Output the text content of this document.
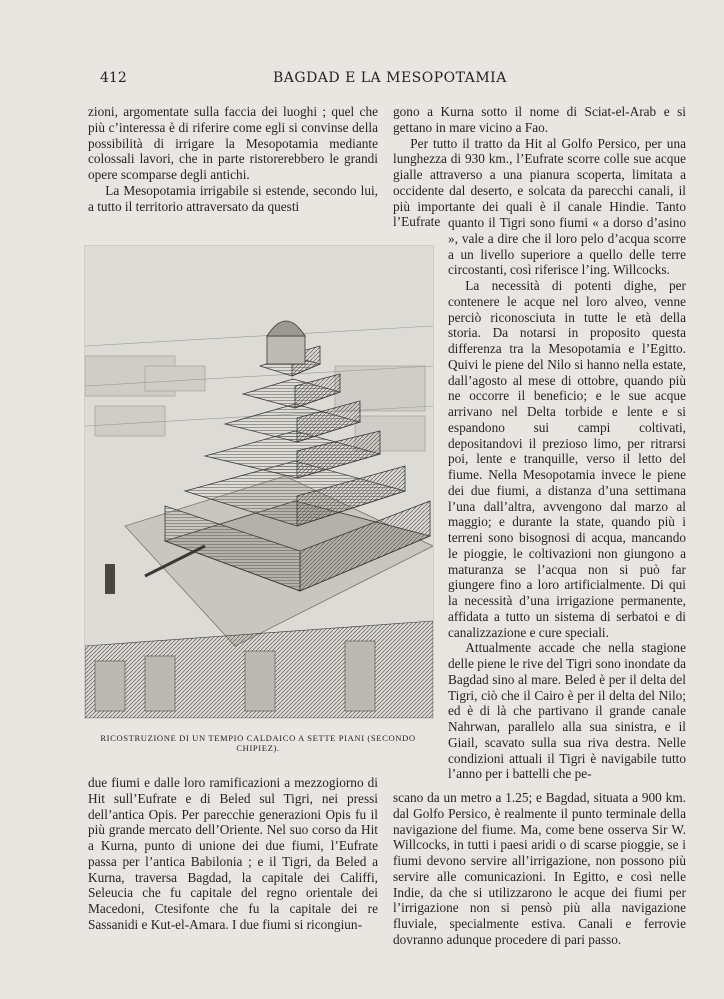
412	BAGDAD E LA MESOPOTAMIA

zioni, argomentate sulla faccia dei luoghi ; quel che più c’interessa è di riferire come egli si convinse della possibilità di irrigare la Mesopotamia mediante colossali lavori, che in parte ristorerebbero le grandi opere scomparse degli antichi.

La Mesopotamia irrigabile si estende, secondo lui, a tutto il territorio attraversato da questi

gono a Kurna sotto il nome di Sciat-el-Arab e si gettano in mare vicino a Fao.

Per tutto il tratto da Hit al Golfo Persico, per una lunghezza di 930 km., l’Eufrate scorre colle sue acque gialle attraverso a una pianura scoperta, limitata a occidente dal deserto, e solcata da parecchi canali, il più importante dei quali è il canale Hindie. Tanto l’Eufrate quanto il Tigri sono fiumi « a dorso d’asino », vale a dire che il loro pelo d’acqua scorre a un livello superiore a quello delle terre circostanti, così riferisce l’ing. Willcocks.

La necessità di potenti dighe, per contenere le acque nel loro alveo, venne perciò riconosciuta in tutte le età della storia. Da notarsi in proposito questa differenza tra la Mesopotamia e l’Egitto. Quivi le piene del Nilo si hanno nella estate, dall’agosto al mese di ottobre, quando più ne occorre il beneficio; e le sue acque arrivano nel Delta torbide e lente e si espandono sui campi coltivati, depositandovi il prezioso limo, per ritrarsi poi, lente e tranquille, verso il letto del fiume. Nella Mesopotamia invece le piene dei due fiumi, a distanza d’una settimana l’una dall’altra, avvengono dal marzo al maggio; e durante la state, quando più i terreni sono bisognosi di acqua, mancando le pioggie, le coltivazioni non giungono a maturanza se l’acqua non si può far giungere fino a loro artificialmente. Di qui la necessità d’una irrigazione permanente, affidata a tutto un sistema di serbatoi e di canalizzazione e cure speciali.

Attualmente accade che nella stagione delle piene le rive del Tigri sono inondate da Bagdad sino al mare. Beled è per il delta del Tigri, ciò che il Cairo è per il delta del Nilo; ed è di là che partivano il grande canale Nahrwan, parallelo alla sua sinistra, e il Giail, scavato sulla sua riva destra. Nelle condizioni attuali il Tigri è navigabile tutto l’anno per i battelli che pe-

RICOSTRUZIONE DI UN TEMPIO CALDAICO A SETTE PIANI (SECONDO CHIPIEZ).

due fiumi e dalle loro ramificazioni a mezzogiorno di Hit sull’Eufrate e di Beled sul Tigri, nei pressi dell’antica Opis. Per parecchie generazioni Opis fu il più grande mercato dell’Oriente. Nel suo corso da Hit a Kurna, punto di unione dei due fiumi, l’Eufrate passa per l’antica Babilonia ; e il Tigri, da Beled a Kurna, traversa Bagdad, la capitale dei Califfi, Seleucia che fu capitale del regno orientale dei Macedoni, Ctesifonte che fu la capitale dei re Sassanidi e Kut-el-Amara. I due fiumi si ricongiun-

scano da un metro a 1.25; e Bagdad, situata a 900 km. dal Golfo Persico, è realmente il punto terminale della navigazione del fiume. Ma, come bene osserva Sir W. Willcocks, in tutti i paesi aridi o di scarse pioggie, se i fiumi devono servire all’irrigazione, non possono più servire alle comunicazioni. In Egitto, e così nelle Indie, da che si utilizzarono le acque dei fiumi per l’irrigazione non si pensò più alla navigazione fluviale, specialmente estiva. Canali e ferrovie dovranno adunque procedere di pari passo.
